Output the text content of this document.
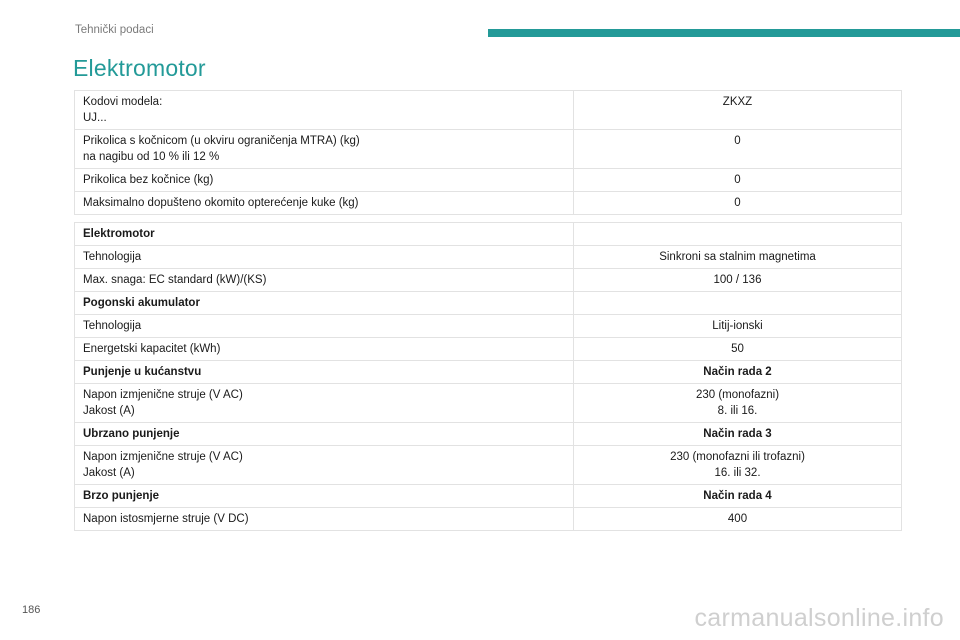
Tehnički podaci
Elektromotor
Kodovi modela:
UJ...	ZKXZ

Prikolica s kočnicom (u okviru ograničenja MTRA) (kg)
na nagibu od 10 % ili 12 %	0

Prikolica bez kočnice (kg)	0

Maksimalno dopušteno okomito opterećenje kuke (kg)	0
Elektromotor	

Tehnologija	Sinkroni sa stalnim magnetima

Max. snaga: EC standard (kW)/(KS)	100 / 136

Pogonski akumulator	

Tehnologija	Litij-ionski

Energetski kapacitet (kWh)	50

Punjenje u kućanstvu	Način rada 2

Napon izmjenične struje (V AC)
Jakost (A)	230 (monofazni)
8. ili 16.

Ubrzano punjenje	Način rada 3

Napon izmjenične struje (V AC)
Jakost (A)	230 (monofazni ili trofazni)
16. ili 32.

Brzo punjenje	Način rada 4

Napon istosmjerne struje (V DC)	400
186	carmanualsonline.info
